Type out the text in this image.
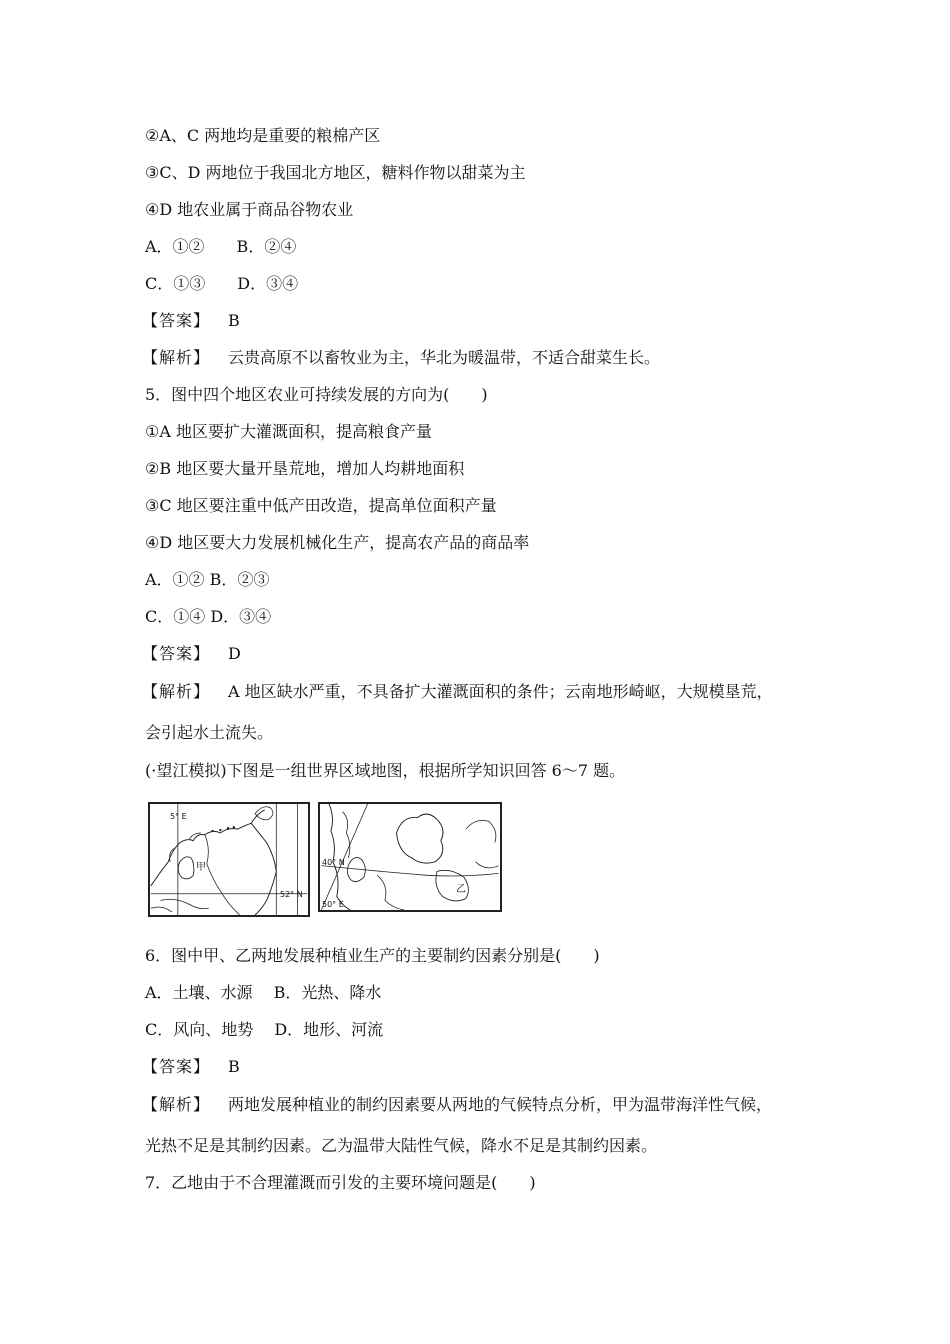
②A、C 两地均是重要的粮棉产区
③C、D 两地位于我国北方地区，糖料作物以甜菜为主
④D 地农业属于商品谷物农业
A．①②　　B．②④
C．①③　　D．③④
【答案】 B
【解析】 云贵高原不以畜牧业为主，华北为暖温带，不适合甜菜生长。
5．图中四个地区农业可持续发展的方向为(　　)
①A 地区要扩大灌溉面积，提高粮食产量
②B 地区要大量开垦荒地，增加人均耕地面积
③C 地区要注重中低产田改造，提高单位面积产量
④D 地区要大力发展机械化生产，提高农产品的商品率
A．①② B．②③
C．①④ D．③④
【答案】 D
【解析】 A 地区缺水严重，不具备扩大灌溉面积的条件；云南地形崎岖，大规模垦荒，
会引起水土流失。
(·望江模拟)下图是一组世界区域地图，根据所学知识回答 6～7 题。
5° E
甲
52° N
40° N
50° E
乙
6．图中甲、乙两地发展种植业生产的主要制约因素分别是(　　)
A．土壤、水源　 B．光热、降水
C．风向、地势　 D．地形、河流
【答案】 B
【解析】 两地发展种植业的制约因素要从两地的气候特点分析，甲为温带海洋性气候，
光热不足是其制约因素。乙为温带大陆性气候，降水不足是其制约因素。
7．乙地由于不合理灌溉而引发的主要环境问题是(　　)
